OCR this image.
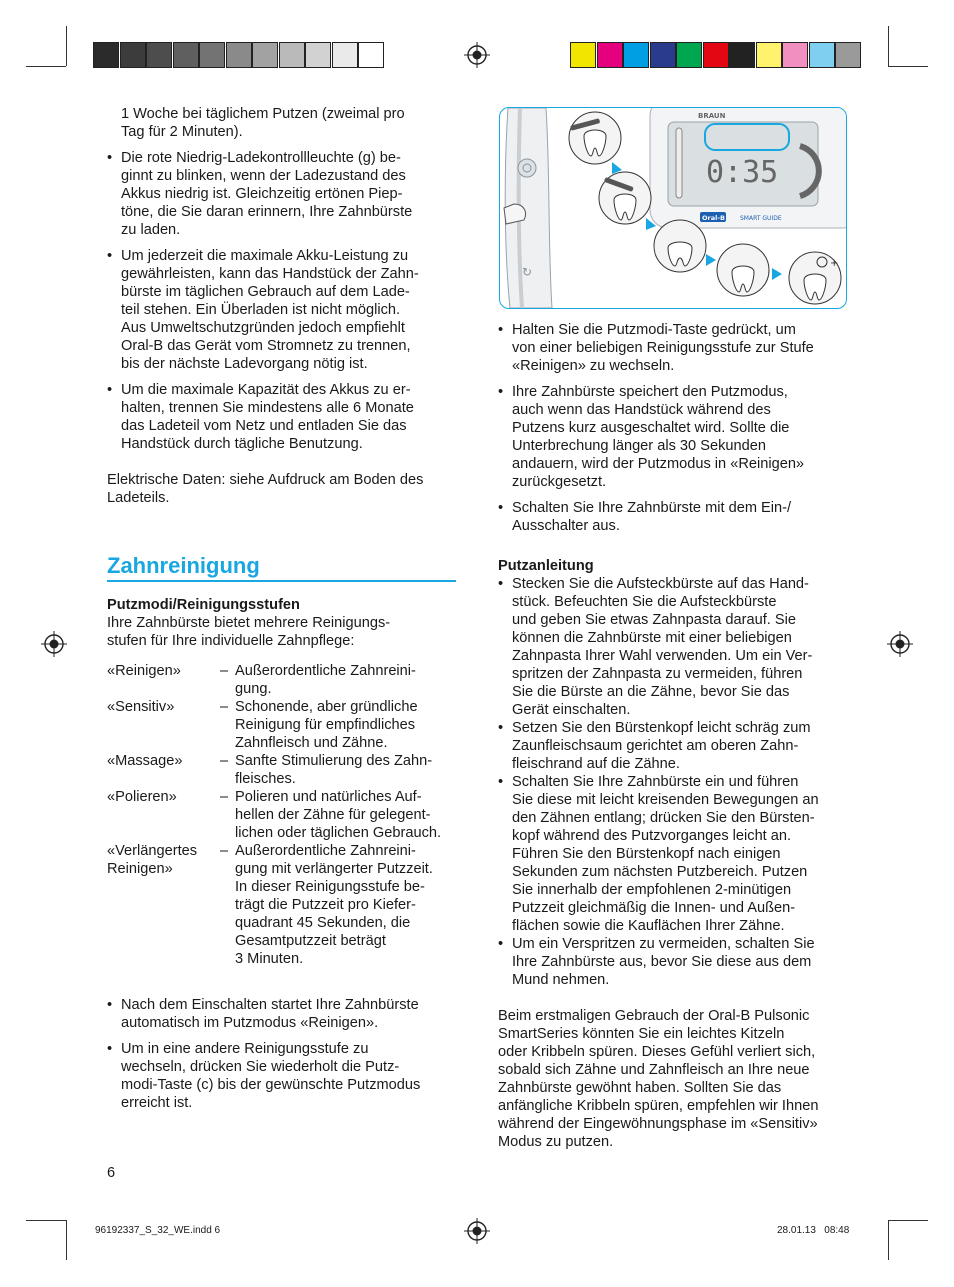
1 Woche bei täglichem Putzen (zweimal pro
Tag für 2 Minuten).

• Die rote Niedrig-Ladekontrollleuchte (g) be-
ginnt zu blinken, wenn der Ladezustand des
Akkus niedrig ist. Gleichzeitig ertönen Piep-
töne, die Sie daran erinnern, Ihre Zahnbürste
zu laden.

• Um jederzeit die maximale Akku-Leistung zu
gewährleisten, kann das Handstück der Zahn-
bürste im täglichen Gebrauch auf dem Lade-
teil stehen. Ein Überladen ist nicht möglich.
Aus Umweltschutzgründen jedoch empfiehlt
Oral-B das Gerät vom Stromnetz zu trennen,
bis der nächste Ladevorgang nötig ist.

• Um die maximale Kapazität des Akkus zu er-
halten, trennen Sie mindestens alle 6 Monate
das Ladeteil vom Netz und entladen Sie das
Handstück durch tägliche Benutzung.

Elektrische Daten: siehe Aufdruck am Boden des
Ladeteils.

Zahnreinigung

Putzmodi/Reinigungsstufen

Ihre Zahnbürste bietet mehrere Reinigungs-
stufen für Ihre individuelle Zahnpflege:

«Reinigen»	– Außerordentliche Zahnreini-
gung.
«Sensitiv»	– Schonende, aber gründliche
Reinigung für empfindliches
Zahnfleisch und Zähne.
«Massage»	– Sanfte Stimulierung des Zahn-
fleisches.
«Polieren»	– Polieren und natürliches Auf-
hellen der Zähne für gelegent-
lichen oder täglichen Gebrauch.
«Verlängertes
Reinigen»
– Außerordentliche Zahnreini-
gung mit verlängerter Putzzeit.
In dieser Reinigungsstufe be-
trägt die Putzzeit pro Kiefer-
quadrant 45 Sekunden, die
Gesamtputzzeit beträgt
3 Minuten.

• Nach dem Einschalten startet Ihre Zahnbürste
automatisch im Putzmodus «Reinigen».

• Um in eine andere Reinigungsstufe zu
wechseln, drücken Sie wiederholt die Putz-
modi-Taste (c) bis der gewünschte Putzmodus
erreicht ist.

↻
BRAUN
0:35
Oral-B	SMART GUIDE
+

• Halten Sie die Putzmodi-Taste gedrückt, um
von einer beliebigen Reinigungsstufe zur Stufe
«Reinigen» zu wechseln.

• Ihre Zahnbürste speichert den Putzmodus,
auch wenn das Handstück während des
Putzens kurz ausgeschaltet wird. Sollte die
Unterbrechung länger als 30 Sekunden
andauern, wird der Putzmodus in «Reinigen»
zurückgesetzt.

• Schalten Sie Ihre Zahnbürste mit dem Ein-/
Ausschalter aus.

Putzanleitung

• Stecken Sie die Aufsteckbürste auf das Hand-
stück. Befeuchten Sie die Aufsteckbürste
und geben Sie etwas Zahnpasta darauf. Sie
können die Zahnbürste mit einer beliebigen
Zahnpasta Ihrer Wahl verwenden. Um ein Ver-
spritzen der Zahnpasta zu vermeiden, führen
Sie die Bürste an die Zähne, bevor Sie das
Gerät einschalten.

• Setzen Sie den Bürstenkopf leicht schräg zum
Zaunfleischsaum gerichtet am oberen Zahn-
fleischrand auf die Zähne.

• Schalten Sie Ihre Zahnbürste ein und führen
Sie diese mit leicht kreisenden Bewegungen an
den Zähnen entlang; drücken Sie den Bürsten-
kopf während des Putzvorganges leicht an.
Führen Sie den Bürstenkopf nach einigen
Sekunden zum nächsten Putzbereich. Putzen
Sie innerhalb der empfohlenen 2-minütigen
Putzzeit gleichmäßig die Innen- und Außen-
flächen sowie die Kauflächen Ihrer Zähne.

• Um ein Verspritzen zu vermeiden, schalten Sie
Ihre Zahnbürste aus, bevor Sie diese aus dem
Mund nehmen.

Beim erstmaligen Gebrauch der Oral-B Pulsonic
SmartSeries könnten Sie ein leichtes Kitzeln
oder Kribbeln spüren. Dieses Gefühl verliert sich,
sobald sich Zähne und Zahnfleisch an Ihre neue
Zahnbürste gewöhnt haben. Sollten Sie das
anfängliche Kribbeln spüren, empfehlen wir Ihnen
während der Eingewöhnungsphase im «Sensitiv»
Modus zu putzen.

6
96192337_S_32_WE.indd 6	28.01.13   08:48
